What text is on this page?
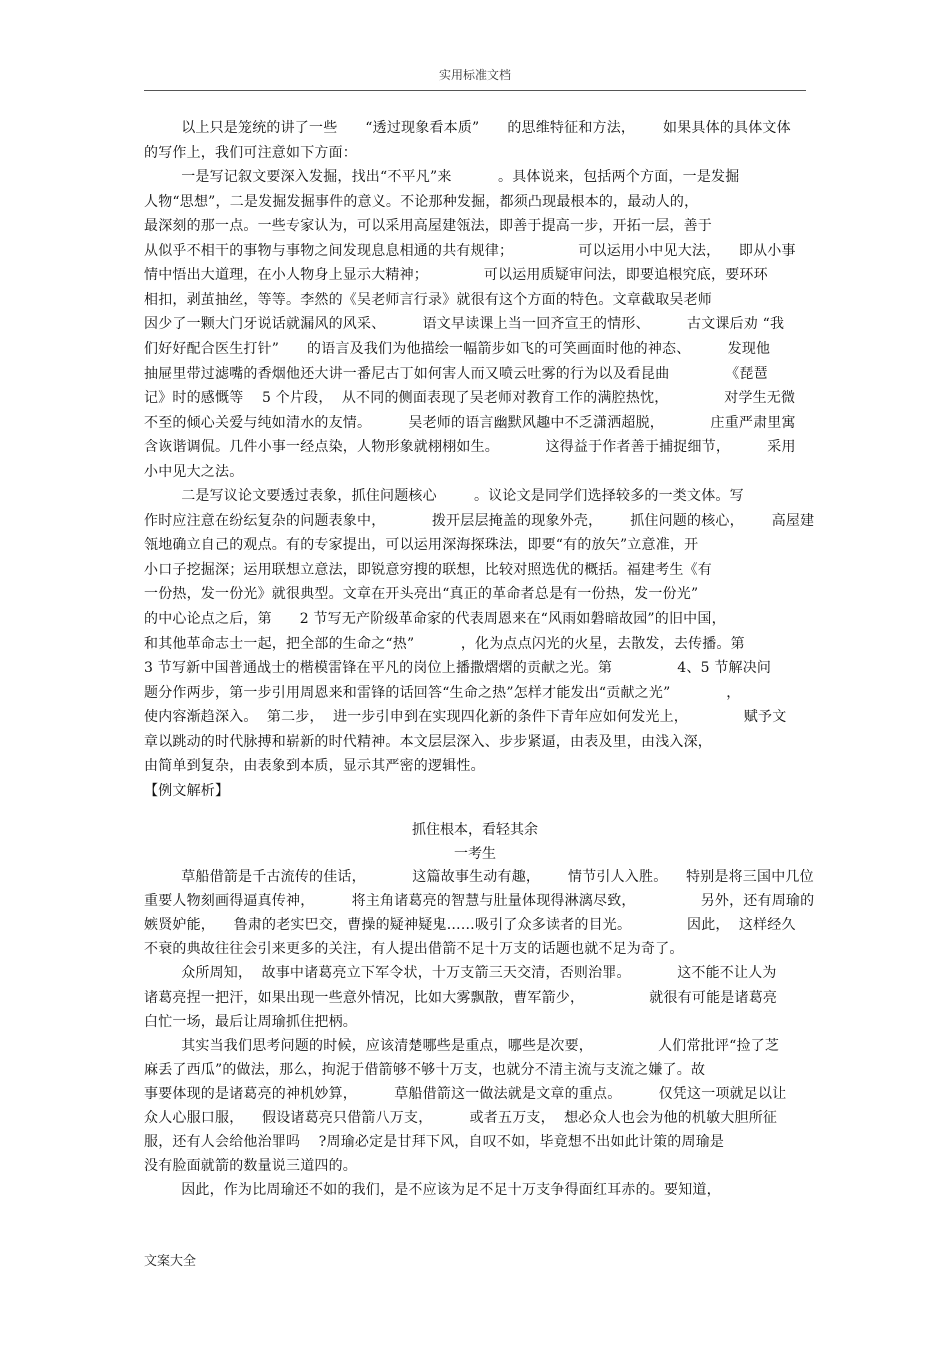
实用标准文档
以上只是笼统的讲了一些      “透过现象看本质”      的思维特征和方法，      如果具体的具体文体
的写作上，我们可注意如下方面：
一是写记叙文要深入发掘，找出“不平凡”来          。具体说来，包括两个方面，一是发掘
人物“思想”，二是发掘发掘事件的意义。不论那种发掘，都须凸现最根本的，最动人的，
最深刻的那一点。一些专家认为，可以采用高屋建瓴法，即善于提高一步，开拓一层，善于
从似乎不相干的事物与事物之间发现息息相通的共有规律；              可以运用小中见大法，    即从小事
情中悟出大道理，在小人物身上显示大精神；            可以运用质疑审问法，即要追根究底，要环环
相扣，剥茧抽丝，等等。李然的《吴老师言行录》就很有这个方面的特色。文章截取吴老师
因少了一颗大门牙说话就漏风的风采、        语文早读课上当一回齐宣王的情形、        古文课后劝 “我
们好好配合医生打针”      的语言及我们为他描绘一幅箭步如飞的可笑画面时他的神态、        发现他
抽屉里带过滤嘴的香烟他还大讲一番尼古丁如何害人而又喷云吐雾的行为以及看昆曲            《琵琶
记》时的感慨等    5 个片段，  从不同的侧面表现了吴老师对教育工作的满腔热忱，            对学生无微
不至的倾心关爱与纯如清水的友情。        吴老师的语言幽默风趣中不乏潇洒超脱，          庄重严肃里寓
含诙谐调侃。几件小事一经点染，人物形象就栩栩如生。          这得益于作者善于捕捉细节，        采用
小中见大之法。
二是写议论文要透过表象，抓住问题核心        。议论文是同学们选择较多的一类文体。写
作时应注意在纷纭复杂的问题表象中，          拨开层层掩盖的现象外壳，      抓住问题的核心，      高屋建
瓴地确立自己的观点。有的专家提出，可以运用深海探珠法，即要“有的放矢”立意准，开
小口子挖掘深；运用联想立意法，即锐意穷搜的联想，比较对照选优的概括。福建考生《有
一份热，发一份光》就很典型。文章在开头亮出“真正的革命者总是有一份热，发一份光”
的中心论点之后，第      2 节写无产阶级革命家的代表周恩来在“风雨如磐暗故园”的旧中国，
和其他革命志士一起，把全部的生命之“热”          ，化为点点闪光的火星，去散发，去传播。第
3 节写新中国普通战士的楷模雷锋在平凡的岗位上播撒熠熠的贡献之光。第              4、5 节解决问
题分作两步，第一步引用周恩来和雷锋的话回答“生命之热”怎样才能发出“贡献之光”            ，
使内容渐趋深入。  第二步，  进一步引申到在实现四化新的条件下青年应如何发光上，            赋予文
章以跳动的时代脉搏和崭新的时代精神。本文层层深入、步步紧逼，由表及里，由浅入深，
由简单到复杂，由表象到本质，显示其严密的逻辑性。
【例文解析】
抓住根本，看轻其余
一考生
草船借箭是千古流传的佳话，          这篇故事生动有趣，      情节引人入胜。    特别是将三国中几位
重要人物刻画得逼真传神，        将主角诸葛亮的智慧与肚量体现得淋漓尽致，              另外，还有周瑜的
嫉贤妒能，    鲁肃的老实巴交，曹操的疑神疑鬼……吸引了众多读者的目光。            因此，  这样经久
不衰的典故往往会引来更多的关注，有人提出借箭不足十万支的话题也就不足为奇了。
众所周知，  故事中诸葛亮立下军令状，十万支箭三天交清，否则治罪。          这不能不让人为
诸葛亮捏一把汗，如果出现一些意外情况，比如大雾飘散，曹军箭少，              就很有可能是诸葛亮
白忙一场，最后让周瑜抓住把柄。
其实当我们思考问题的时候，应该清楚哪些是重点，哪些是次要，              人们常批评“捡了芝
麻丢了西瓜”的做法，那么，拘泥于借箭够不够十万支，也就分不清主流与支流之嫌了。故
事要体现的是诸葛亮的神机妙算，        草船借箭这一做法就是文章的重点。        仅凭这一项就足以让
众人心服口服，    假设诸葛亮只借箭八万支，        或者五万支，  想必众人也会为他的机敏大胆所征
服，还有人会给他治罪吗    ?周瑜必定是甘拜下风，自叹不如，毕竟想不出如此计策的周瑜是
没有脸面就箭的数量说三道四的。
因此，作为比周瑜还不如的我们，是不应该为足不足十万支争得面红耳赤的。要知道，
文案大全
